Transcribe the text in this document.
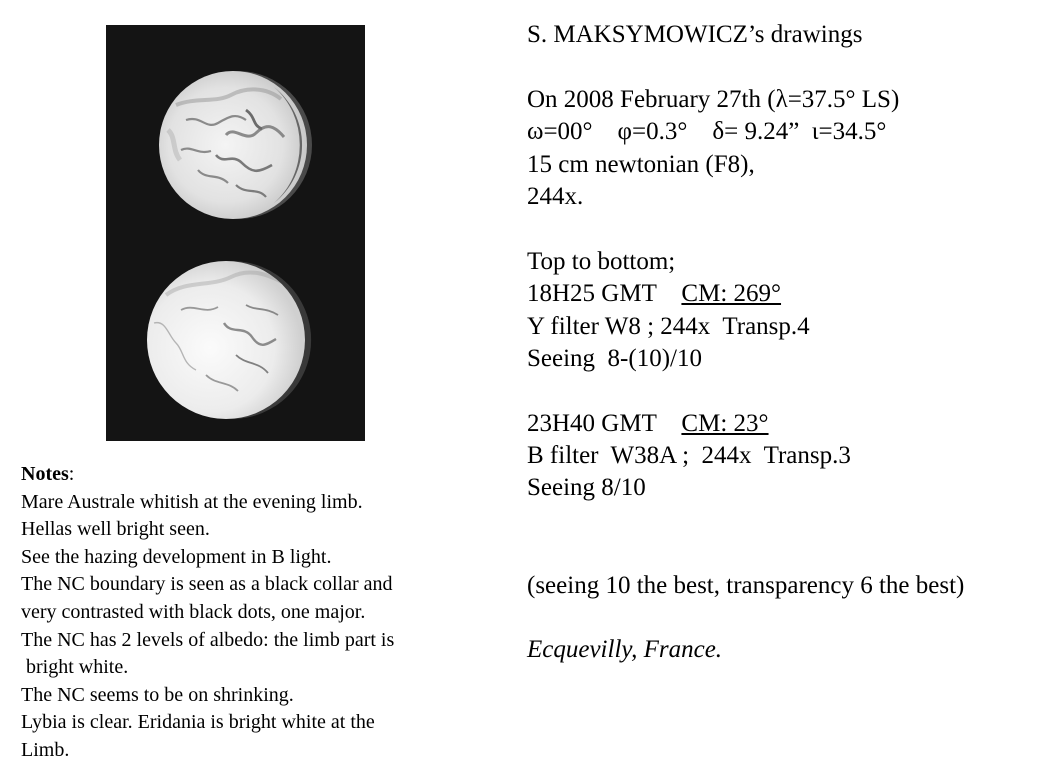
Notes:
Mare Australe whitish at the evening limb.
Hellas well bright seen.
See the hazing development in B light.
The NC boundary is seen as a black collar and
very contrasted with black dots, one major.
The NC has 2 levels of albedo: the limb part is
bright white.
The NC seems to be on shrinking.
Lybia is clear. Eridania is bright white at the
Limb.
S. MAKSYMOWICZ’s drawings
On 2008 February 27th (λ=37.5° LS)
ω=00°    φ=0.3°    δ= 9.24”  ι=34.5°
15 cm newtonian (F8),
244x.
Top to bottom;
18H25 GMT    CM: 269°
Y filter W8 ; 244x  Transp.4
Seeing  8-(10)/10
23H40 GMT    CM: 23°
B filter  W38A ;  244x  Transp.3
Seeing 8/10
(seeing 10 the best, transparency 6 the best)
Ecquevilly, France.
